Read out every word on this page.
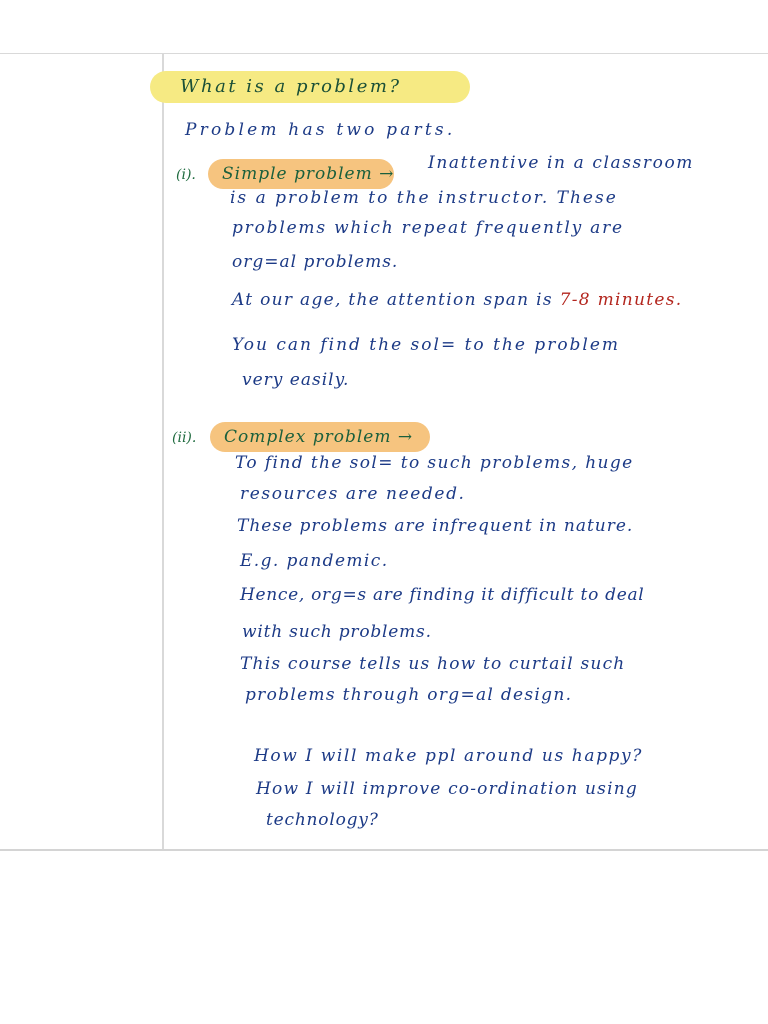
What is a problem?
Problem has two parts.
(i). Simple problem →
Inattentive in a classroom
is a problem to the instructor. These
problems which repeat frequently are
org=al problems.
At our age, the attention span is 7-8 minutes.
You can find the sol= to the problem
very easily.
(ii). Complex problem →
To find the sol= to such problems, huge
resources are needed.
These problems are infrequent in nature.
E.g. pandemic.
Hence, org=s are finding it difficult to deal
with such problems.
This course tells us how to curtail such
problems through org=al design.
How I will make ppl around us happy?
How I will improve co-ordination using
technology?
